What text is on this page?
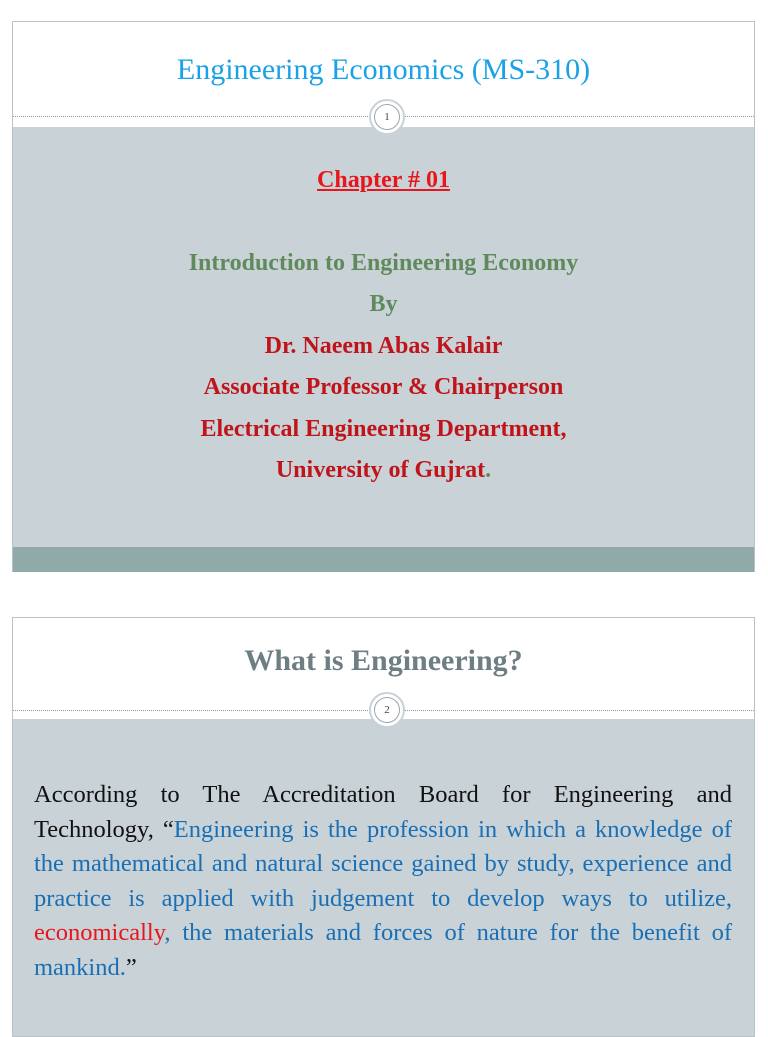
Engineering Economics (MS-310)
Chapter # 01
Introduction to Engineering Economy
By
Dr. Naeem Abas Kalair
Associate Professor & Chairperson
Electrical Engineering Department,
University of Gujrat.
1
What is Engineering?
2

According to The Accreditation Board for Engineering and Technology, “Engineering is the profession in which a knowledge of the mathematical and natural science gained by study, experience and practice is applied with judgement to develop ways to utilize, economically, the materials and forces of nature for the benefit of mankind.”
